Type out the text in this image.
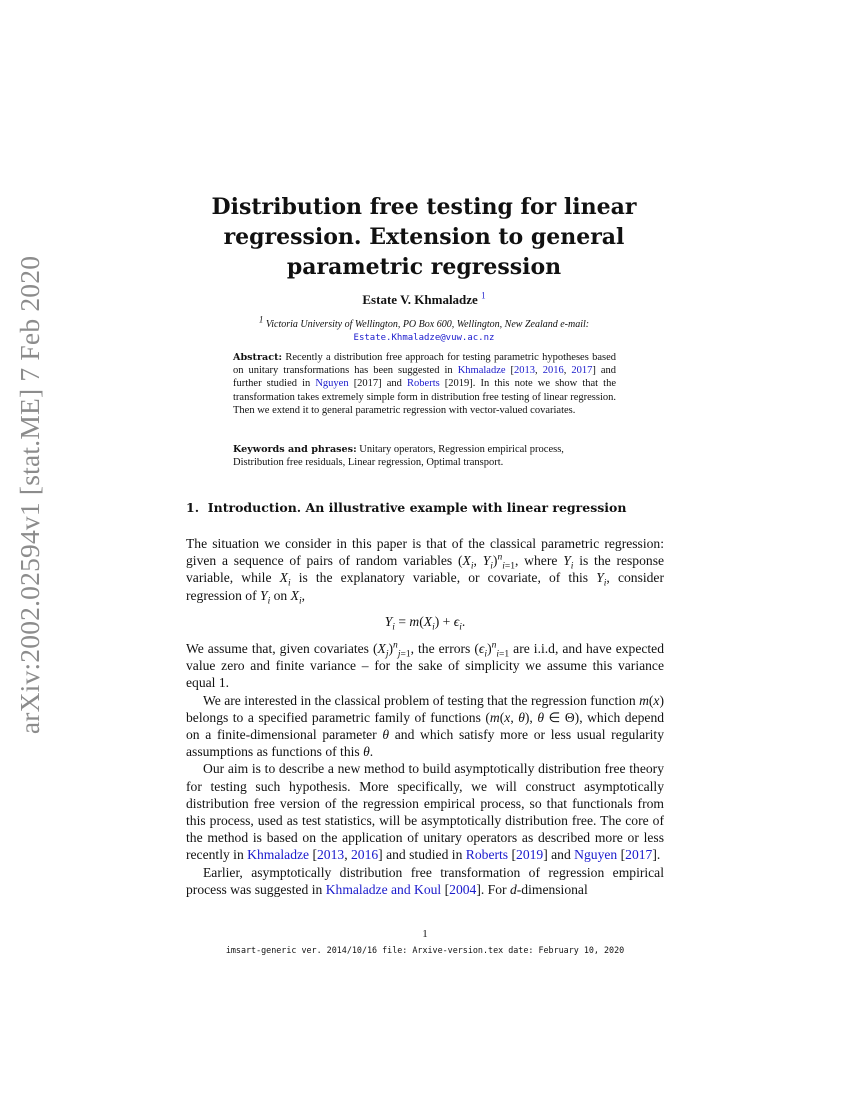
arXiv:2002.02594v1 [stat.ME] 7 Feb 2020
Distribution free testing for linear
regression. Extension to general
parametric regression
Estate V. Khmaladze $^1$
$^1$ Victoria University of Wellington, PO Box 600, Wellington, New Zealand e-mail:
Estate.Khmaladze@vuw.ac.nz
Abstract: Recently a distribution free approach for testing parametric hypotheses based on unitary transformations has been suggested in Khmaladze [2013, 2016, 2017] and further studied in Nguyen [2017] and Roberts [2019]. In this note we show that the transformation takes extremely simple form in distribution free testing of linear regression. Then we extend it to general parametric regression with vector-valued covariates.
Keywords and phrases: Unitary operators, Regression empirical process, Distribution free residuals, Linear regression, Optimal transport.
1. Introduction. An illustrative example with linear regression

The situation we consider in this paper is that of the classical parametric regression: given a sequence of pairs of random variables ($X_i$, $Y_i)^n_{i=1}$, where $Y_i$ is the response variable, while $X_i$ is the explanatory variable, or covariate, of this $Y_i$, consider regression of $Y_i$ on $X_i$,

$Y_i = m(X_i) + \epsilon_i$.

We assume that, given covariates $(X_j)^n_{j=1}$, the errors $(\epsilon_i)^n_{i=1}$ are i.i.d, and have expected value zero and finite variance – for the sake of simplicity we assume this variance equal 1.

We are interested in the classical problem of testing that the regression function m(x) belongs to a specified parametric family of functions (m(x, θ), θ ∈ Θ), which depend on a finite-dimensional parameter θ and which satisfy more or less usual regularity assumptions as functions of this θ.

Our aim is to describe a new method to build asymptotically distribution free theory for testing such hypothesis. More specifically, we will construct asymptotically distribution free version of the regression empirical process, so that functionals from this process, used as test statistics, will be asymptotically distribution free. The core of the method is based on the application of unitary operators as described more or less recently in Khmaladze [2013, 2016] and studied in Roberts [2019] and Nguyen [2017].

Earlier, asymptotically distribution free transformation of regression empirical process was suggested in Khmaladze and Koul [2004]. For d-dimensional

1
imsart-generic ver. 2014/10/16 file: Arxive-version.tex date: February 10, 2020
